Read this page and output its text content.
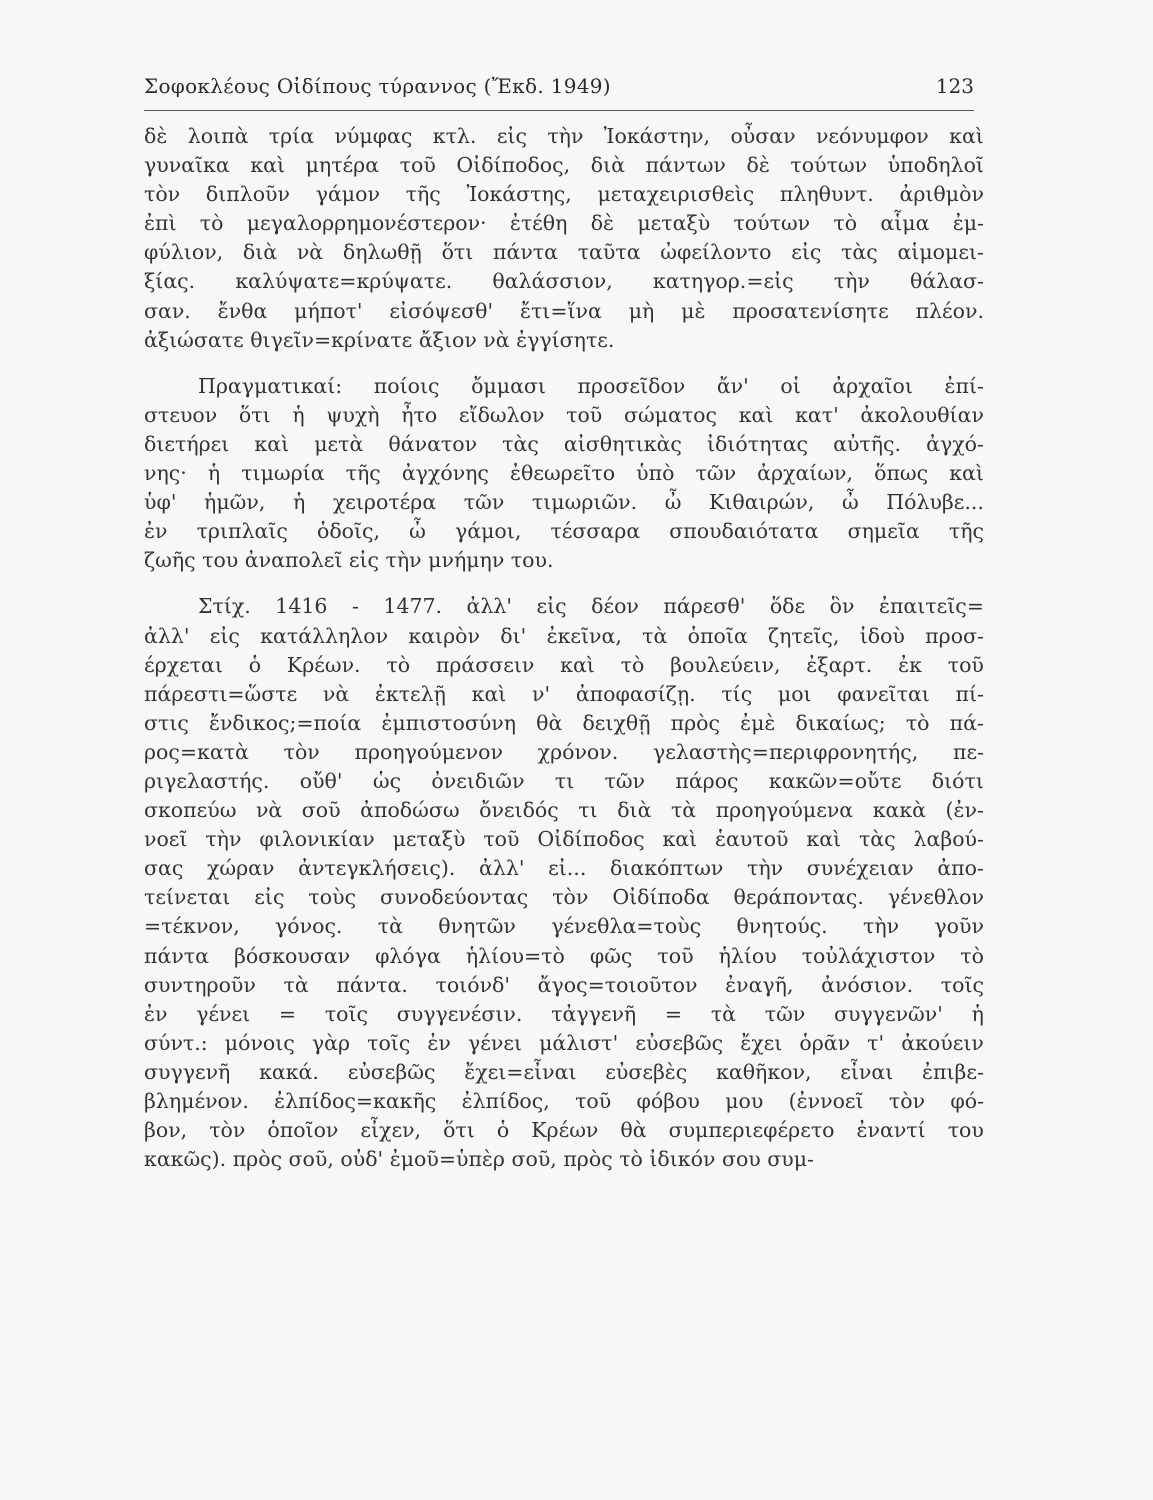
Σοφοκλέους Οἰδίπους τύραννος (Ἔκδ. 1949)	123
δὲ λοιπὰ τρία νύμφας κτλ. εἰς τὴν Ἰοκάστην, οὖσαν νεόνυμφον καὶ
γυναῖκα καὶ μητέρα τοῦ Οἰδίποδος, διὰ πάντων δὲ τούτων ὑποδηλοῖ
τὸν διπλοῦν γάμον τῆς Ἰοκάστης, μεταχειρισθεὶς πληθυντ. ἀριθμὸν
ἐπὶ τὸ μεγαλορρημονέστερον· ἐτέθη δὲ μεταξὺ τούτων τὸ αἷμα ἐμ-
φύλιον, διὰ νὰ δηλωθῇ ὅτι πάντα ταῦτα ὠφείλοντο εἰς τὰς αἱμομει-
ξίας. καλύψατε=κρύψατε. θαλάσσιον, κατηγορ.=εἰς τὴν θάλασ-
σαν. ἔνθα μήποτ' εἰσόψεσθ' ἔτι=ἵνα μὴ μὲ προσατενίσητε πλέον.
ἀξιώσατε θιγεῖν=κρίνατε ἄξιον νὰ ἐγγίσητε.
Πραγματικαί: ποίοις ὄμμασι προσεῖδον ἄν' οἱ ἀρχαῖοι ἐπί-
στευον ὅτι ἡ ψυχὴ ἦτο εἴδωλον τοῦ σώματος καὶ κατ' ἀκολουθίαν
διετήρει καὶ μετὰ θάνατον τὰς αἰσθητικὰς ἰδιότητας αὐτῆς. ἀγχό-
νης· ἡ τιμωρία τῆς ἀγχόνης ἐθεωρεῖτο ὑπὸ τῶν ἀρχαίων, ὅπως καὶ
ὑφ' ἡμῶν, ἡ χειροτέρα τῶν τιμωριῶν. ὦ Κιθαιρών, ὦ Πόλυβε...
ἐν τριπλαῖς ὁδοῖς, ὦ γάμοι, τέσσαρα σπουδαιότατα σημεῖα τῆς
ζωῆς του ἀναπολεῖ εἰς τὴν μνήμην του.
Στίχ. 1416 - 1477. ἀλλ' εἰς δέον πάρεσθ' ὅδε ὃν ἐπαιτεῖς=
ἀλλ' εἰς κατάλληλον καιρὸν δι' ἐκεῖνα, τὰ ὁποῖα ζητεῖς, ἰδοὺ προσ-
έρχεται ὁ Κρέων. τὸ πράσσειν καὶ τὸ βουλεύειν, ἐξαρτ. ἐκ τοῦ
πάρεστι=ὥστε νὰ ἐκτελῇ καὶ ν' ἀποφασίζῃ. τίς μοι φανεῖται πί-
στις ἔνδικος;=ποία ἐμπιστοσύνη θὰ δειχθῇ πρὸς ἐμὲ δικαίως; τὸ πά-
ρος=κατὰ τὸν προηγούμενον χρόνον. γελαστὴς=περιφρονητής, πε-
ριγελαστής. οὔθ' ὡς ὀνειδιῶν τι τῶν πάρος κακῶν=οὔτε διότι
σκοπεύω νὰ σοῦ ἀποδώσω ὄνειδός τι διὰ τὰ προηγούμενα κακὰ (ἐν-
νοεῖ τὴν φιλονικίαν μεταξὺ τοῦ Οἰδίποδος καὶ ἑαυτοῦ καὶ τὰς λαβού-
σας χώραν ἀντεγκλήσεις). ἀλλ' εἰ... διακόπτων τὴν συνέχειαν ἀπο-
τείνεται εἰς τοὺς συνοδεύοντας τὸν Οἰδίποδα θεράποντας. γένεθλον
=τέκνον, γόνος. τὰ θνητῶν γένεθλα=τοὺς θνητούς. τὴν γοῦν
πάντα βόσκουσαν φλόγα ἡλίου=τὸ φῶς τοῦ ἡλίου τοὐλάχιστον τὸ
συντηροῦν τὰ πάντα. τοιόνδ' ἄγος=τοιοῦτον ἐναγῆ, ἀνόσιον. τοῖς
ἐν γένει = τοῖς συγγενέσιν. τἀγγενῆ = τὰ τῶν συγγενῶν' ἡ
σύντ.: μόνοις γὰρ τοῖς ἐν γένει μάλιστ' εὐσεβῶς ἔχει ὁρᾶν τ' ἀκούειν
συγγενῆ κακά. εὐσεβῶς ἔχει=εἶναι εὐσεβὲς καθῆκον, εἶναι ἐπιβε-
βλημένον. ἐλπίδος=κακῆς ἐλπίδος, τοῦ φόβου μου (ἐννοεῖ τὸν φό-
βον, τὸν ὁποῖον εἶχεν, ὅτι ὁ Κρέων θὰ συμπεριεφέρετο ἐναντί του
κακῶς). πρὸς σοῦ, οὐδ' ἐμοῦ=ὑπὲρ σοῦ, πρὸς τὸ ἰδικόν σου συμ-
